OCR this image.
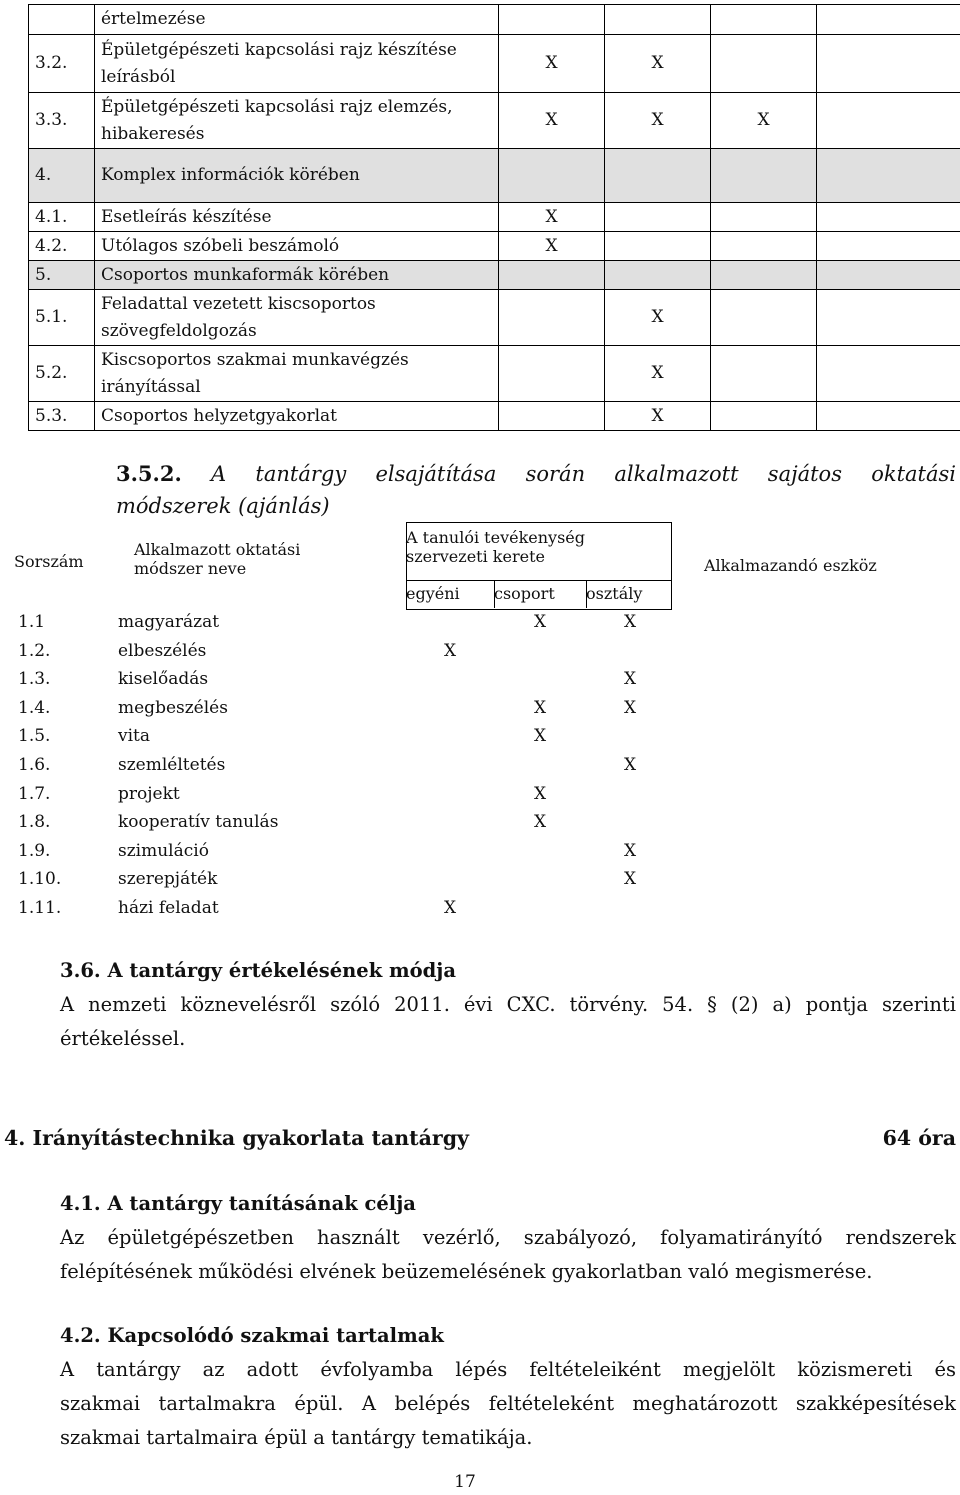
	értelmezése				
3.2.	Épületgépészeti kapcsolási rajz készítése leírásból	X	X		
3.3.	Épületgépészeti kapcsolási rajz elemzés, hibakeresés	X	X	X	
4.	Komplex információk körében				
4.1.	Esetleírás készítése	X			
4.2.	Utólagos szóbeli beszámoló	X			
5.	Csoportos munkaformák körében				
5.1.	Feladattal vezetett kiscsoportos szövegfeldolgozás		X		
5.2.	Kiscsoportos szakmai munkavégzés irányítással		X		
5.3.	Csoportos helyzetgyakorlat		X		
3.5.2. A tantárgy elsajátítása során alkalmazott sajátos oktatási
módszerek (ajánlás)
Sorszám
Alkalmazott oktatási módszer neve
A tanulói tevékenység szervezeti kerete
egyéni	csoport	osztály
Alkalmazandó eszköz
1.1	magyarázat		X	X
1.2.	elbeszélés	X		
1.3.	kiselőadás			X
1.4.	megbeszélés		X	X
1.5.	vita		X	
1.6.	szemléltetés			X
1.7.	projekt		X	
1.8.	kooperatív tanulás		X	
1.9.	szimuláció			X
1.10.	szerepjáték			X
1.11.	házi feladat	X		
3.6. A tantárgy értékelésének módja
A nemzeti köznevelésről szóló 2011. évi CXC. törvény. 54. § (2) a) pontja szerinti
értékeléssel.
4. Irányítástechnika gyakorlata tantárgy	64 óra
4.1. A tantárgy tanításának célja
Az épületgépészetben használt vezérlő, szabályozó, folyamatirányító rendszerek
felépítésének működési elvének beüzemelésének gyakorlatban való megismerése.
4.2. Kapcsolódó szakmai tartalmak
A tantárgy az adott évfolyamba lépés feltételeiként megjelölt közismereti és
szakmai tartalmakra épül. A belépés feltételeként meghatározott szakképesítések
szakmai tartalmaira épül a tantárgy tematikája.
17
